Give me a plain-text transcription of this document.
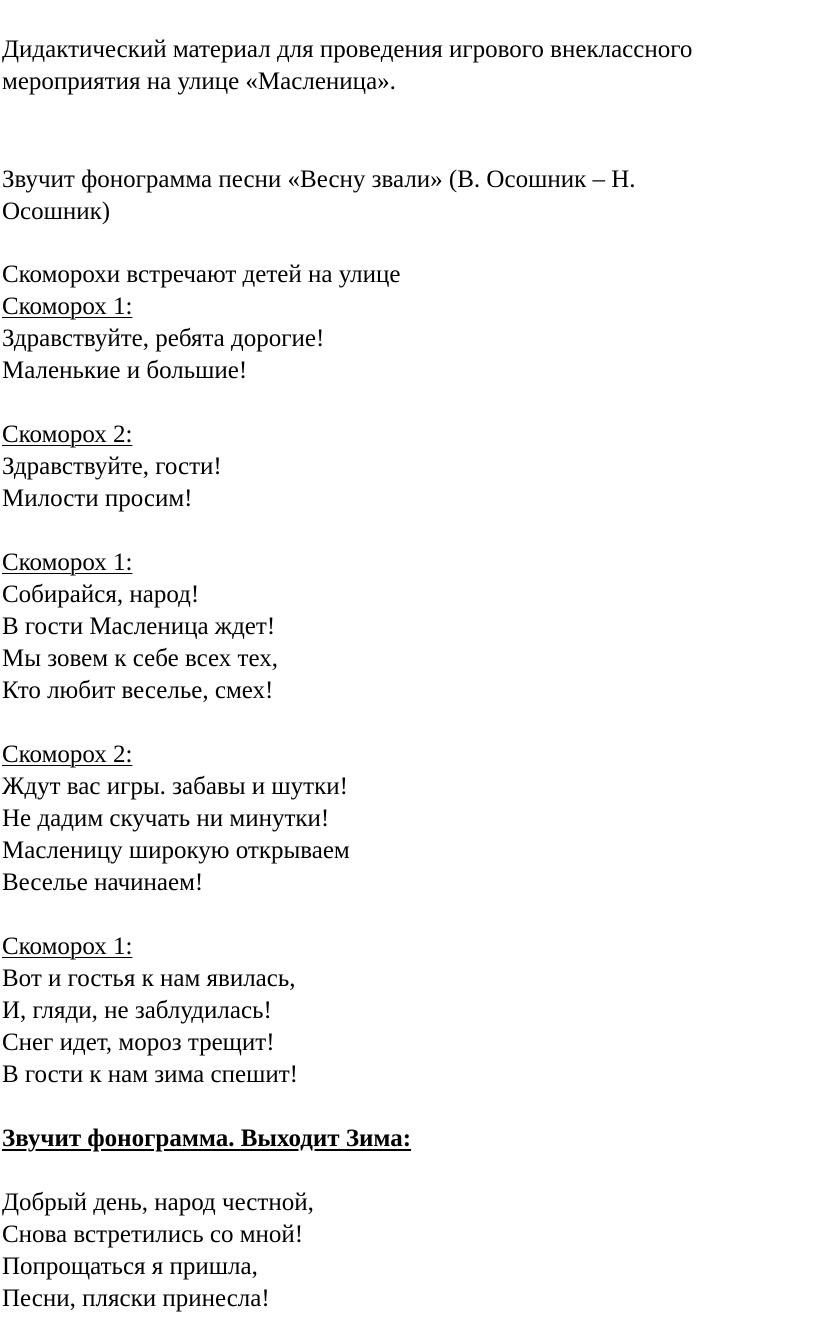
Дидактический материал для проведения игрового внеклассного

мероприятия на улице «Масленица».

Звучит фонограмма песни «Весну звали» (В. Осошник – Н.

Осошник)

Скоморохи встречают детей на улице

Скоморох 1:

Здравствуйте, ребята дорогие!

Маленькие и большие!

Скоморох 2:

Здравствуйте, гости!

Милости просим!

Скоморох 1:

Собирайся, народ!

В гости Масленица ждет!

Мы зовем к себе всех тех,

Кто любит веселье, смех!

Скоморох 2:

Ждут вас игры. забавы и шутки!

Не дадим скучать ни минутки!

Масленицу широкую открываем

Веселье начинаем!

Скоморох 1:

Вот и гостья к нам явилась,

И, гляди, не заблудилась!

Снег идет, мороз трещит!

В гости к нам зима спешит!

Звучит фонограмма. Выходит Зима:

Добрый день, народ честной,

Снова встретились со мной!

Попрощаться я пришла,

Песни, пляски принесла!
